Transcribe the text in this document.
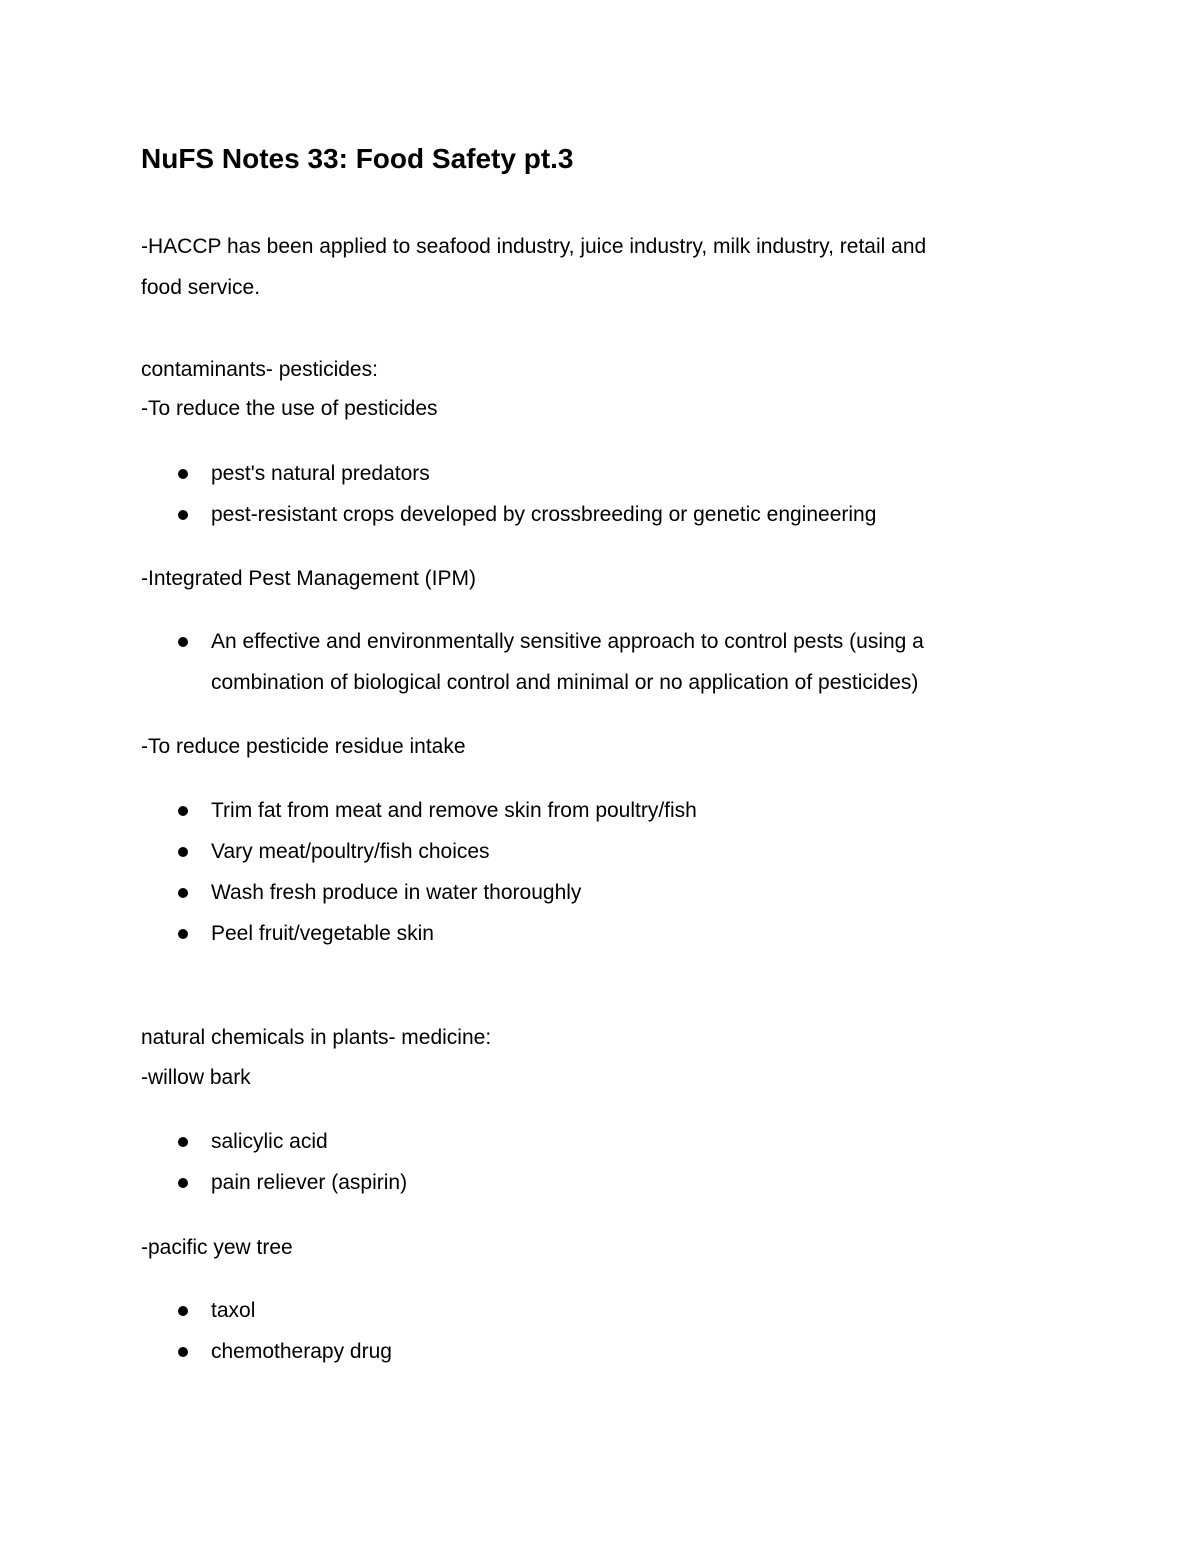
NuFS Notes 33: Food Safety pt.3

-HACCP has been applied to seafood industry, juice industry, milk industry, retail and

food service.

contaminants- pesticides:

-To reduce the use of pesticides

pest's natural predators
pest-resistant crops developed by crossbreeding or genetic engineering

-Integrated Pest Management (IPM)

An effective and environmentally sensitive approach to control pests (using a
combination of biological control and minimal or no application of pesticides)

-To reduce pesticide residue intake

Trim fat from meat and remove skin from poultry/fish
Vary meat/poultry/fish choices
Wash fresh produce in water thoroughly
Peel fruit/vegetable skin

natural chemicals in plants- medicine:

-willow bark

salicylic acid
pain reliever (aspirin)

-pacific yew tree

taxol
chemotherapy drug
